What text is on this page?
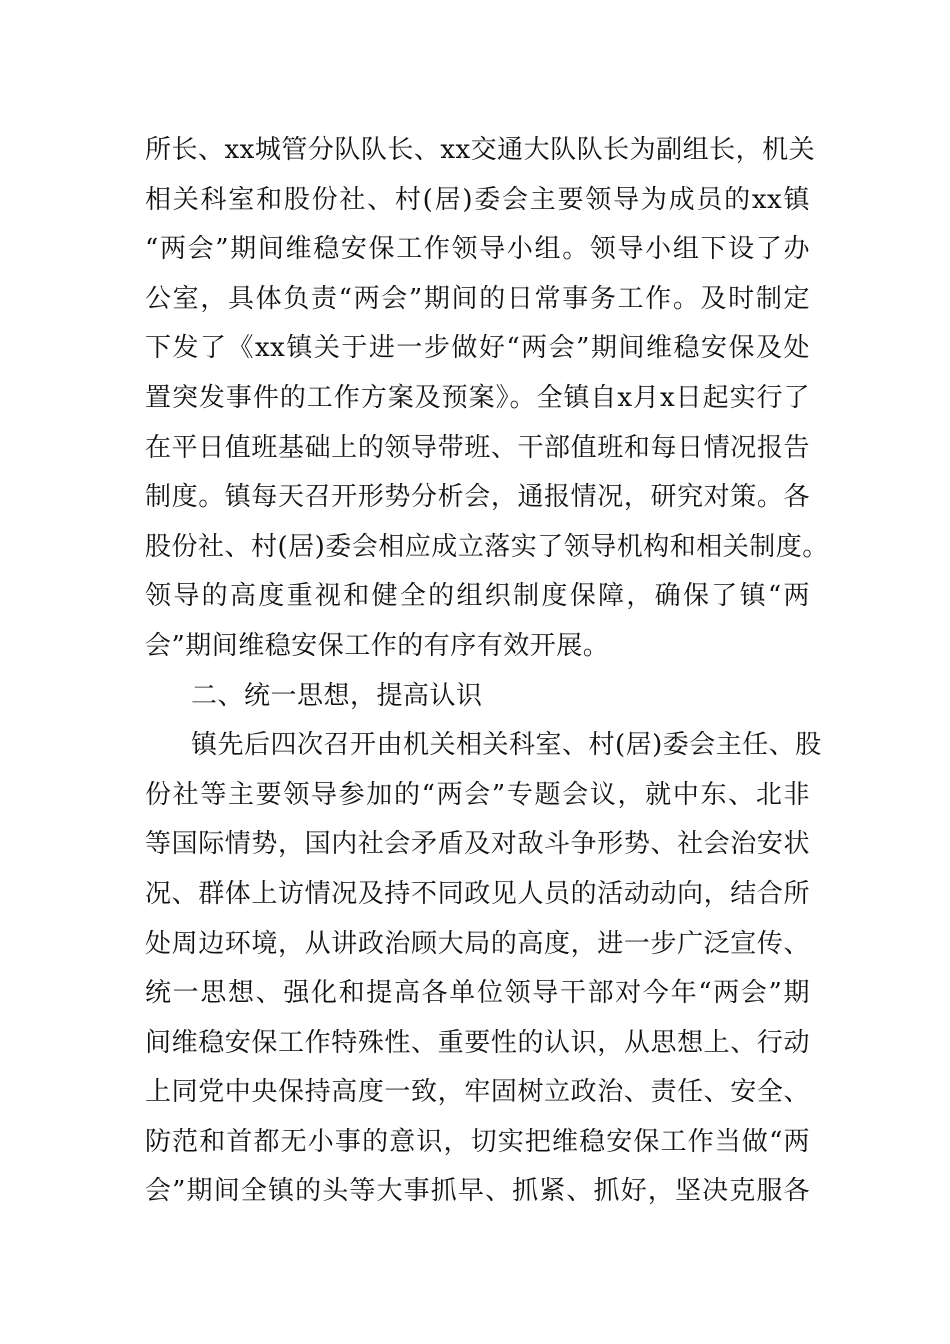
所长、xx城管分队队长、xx交通大队队长为副组长，机关
相关科室和股份社、村(居)委会主要领导为成员的xx镇
“两会”期间维稳安保工作领导小组。领导小组下设了办
公室，具体负责“两会”期间的日常事务工作。及时制定
下发了《xx镇关于进一步做好“两会”期间维稳安保及处
置突发事件的工作方案及预案》。全镇自x月x日起实行了
在平日值班基础上的领导带班、干部值班和每日情况报告
制度。镇每天召开形势分析会，通报情况，研究对策。各
股份社、村(居)委会相应成立落实了领导机构和相关制度。
领导的高度重视和健全的组织制度保障，确保了镇“两
会”期间维稳安保工作的有序有效开展。
二、统一思想，提高认识
镇先后四次召开由机关相关科室、村(居)委会主任、股
份社等主要领导参加的“两会”专题会议，就中东、北非
等国际情势，国内社会矛盾及对敌斗争形势、社会治安状
况、群体上访情况及持不同政见人员的活动动向，结合所
处周边环境，从讲政治顾大局的高度，进一步广泛宣传、
统一思想、强化和提高各单位领导干部对今年“两会”期
间维稳安保工作特殊性、重要性的认识，从思想上、行动
上同党中央保持高度一致，牢固树立政治、责任、安全、
防范和首都无小事的意识，切实把维稳安保工作当做“两
会”期间全镇的头等大事抓早、抓紧、抓好，坚决克服各
